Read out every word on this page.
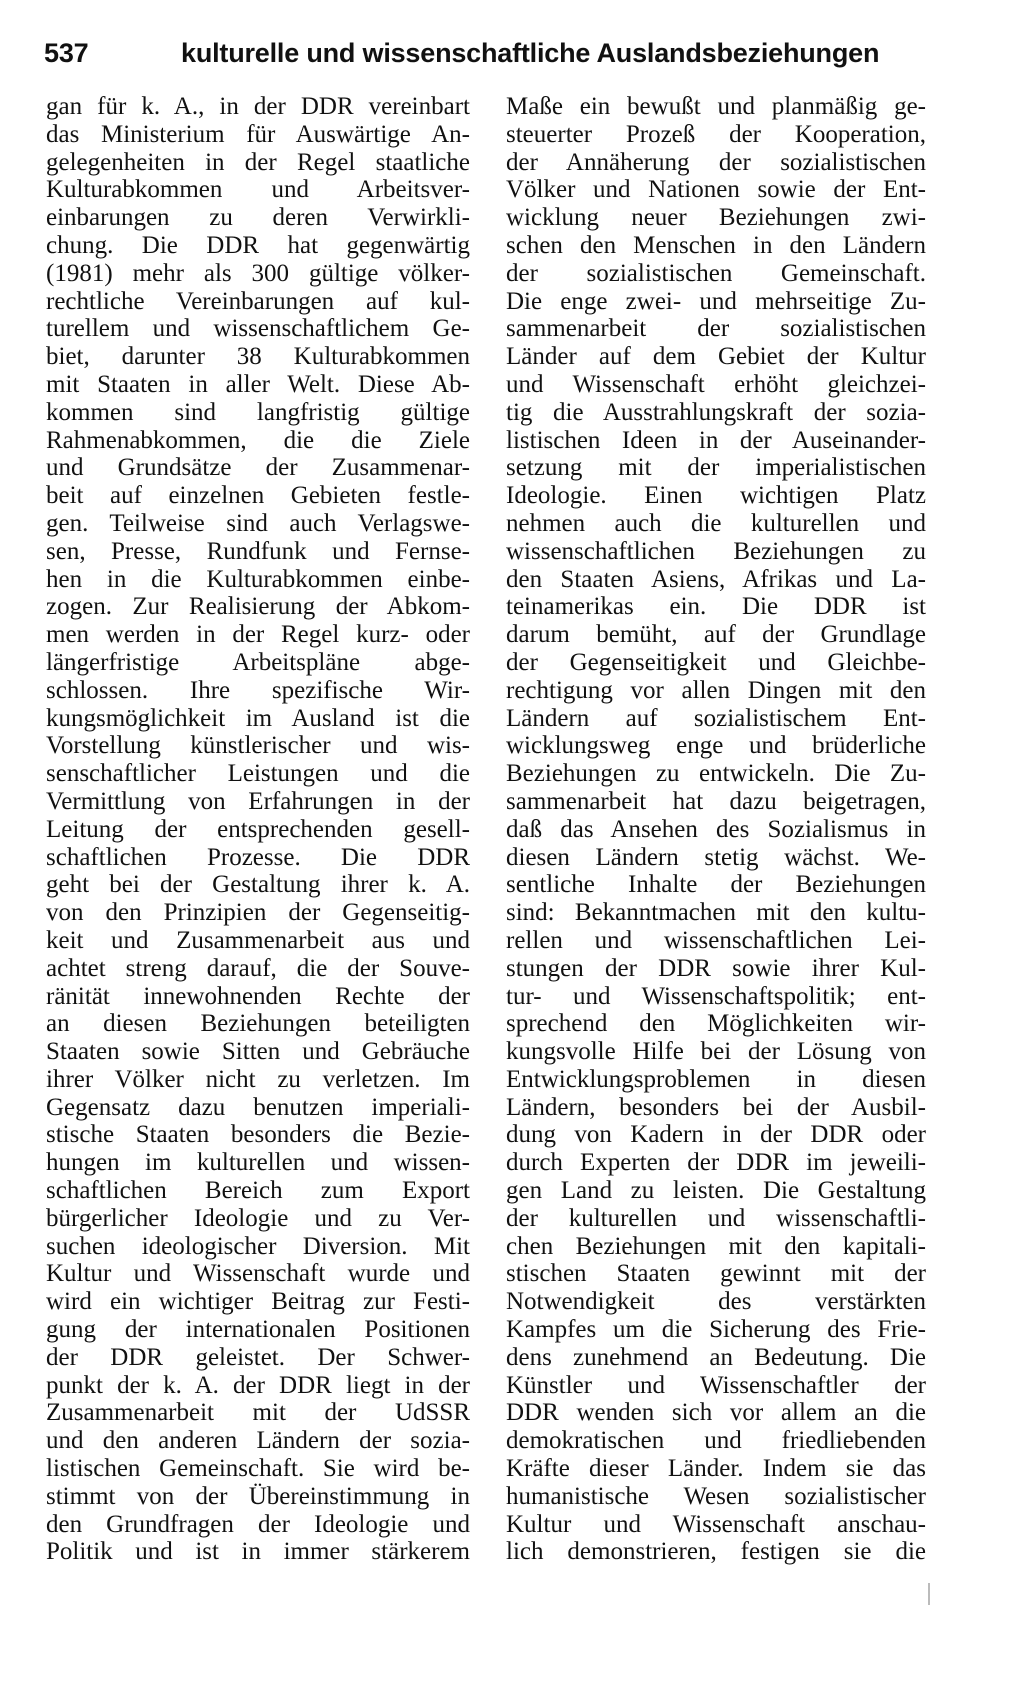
537	kulturelle und wissenschaftliche Auslandsbeziehungen
gan für k. A., in der DDR vereinbart
das Ministerium für Auswärtige An-
gelegenheiten in der Regel staatliche
Kulturabkommen und Arbeitsver-
einbarungen zu deren Verwirkli-
chung. Die DDR hat gegenwärtig
(1981) mehr als 300 gültige völker-
rechtliche Vereinbarungen auf kul-
turellem und wissenschaftlichem Ge-
biet, darunter 38 Kulturabkommen
mit Staaten in aller Welt. Diese Ab-
kommen sind langfristig gültige
Rahmenabkommen, die die Ziele
und Grundsätze der Zusammenar-
beit auf einzelnen Gebieten festle-
gen. Teilweise sind auch Verlagswe-
sen, Presse, Rundfunk und Fernse-
hen in die Kulturabkommen einbe-
zogen. Zur Realisierung der Abkom-
men werden in der Regel kurz- oder
längerfristige Arbeitspläne abge-
schlossen. Ihre spezifische Wir-
kungsmöglichkeit im Ausland ist die
Vorstellung künstlerischer und wis-
senschaftlicher Leistungen und die
Vermittlung von Erfahrungen in der
Leitung der entsprechenden gesell-
schaftlichen Prozesse. Die DDR
geht bei der Gestaltung ihrer k. A.
von den Prinzipien der Gegenseitig-
keit und Zusammenarbeit aus und
achtet streng darauf, die der Souve-
ränität innewohnenden Rechte der
an diesen Beziehungen beteiligten
Staaten sowie Sitten und Gebräuche
ihrer Völker nicht zu verletzen. Im
Gegensatz dazu benutzen imperiali-
stische Staaten besonders die Bezie-
hungen im kulturellen und wissen-
schaftlichen Bereich zum Export
bürgerlicher Ideologie und zu Ver-
suchen ideologischer Diversion. Mit
Kultur und Wissenschaft wurde und
wird ein wichtiger Beitrag zur Festi-
gung der internationalen Positionen
der DDR geleistet. Der Schwer-
punkt der k. A. der DDR liegt in der
Zusammenarbeit mit der UdSSR
und den anderen Ländern der sozia-
listischen Gemeinschaft. Sie wird be-
stimmt von der Übereinstimmung in
den Grundfragen der Ideologie und
Politik und ist in immer stärkerem
Maße ein bewußt und planmäßig ge-
steuerter Prozeß der Kooperation,
der Annäherung der sozialistischen
Völker und Nationen sowie der Ent-
wicklung neuer Beziehungen zwi-
schen den Menschen in den Ländern
der sozialistischen Gemeinschaft.
Die enge zwei- und mehrseitige Zu-
sammenarbeit der sozialistischen
Länder auf dem Gebiet der Kultur
und Wissenschaft erhöht gleichzei-
tig die Ausstrahlungskraft der sozia-
listischen Ideen in der Auseinander-
setzung mit der imperialistischen
Ideologie. Einen wichtigen Platz
nehmen auch die kulturellen und
wissenschaftlichen Beziehungen zu
den Staaten Asiens, Afrikas und La-
teinamerikas ein. Die DDR ist
darum bemüht, auf der Grundlage
der Gegenseitigkeit und Gleichbe-
rechtigung vor allen Dingen mit den
Ländern auf sozialistischem Ent-
wicklungsweg enge und brüderliche
Beziehungen zu entwickeln. Die Zu-
sammenarbeit hat dazu beigetragen,
daß das Ansehen des Sozialismus in
diesen Ländern stetig wächst. We-
sentliche Inhalte der Beziehungen
sind: Bekanntmachen mit den kultu-
rellen und wissenschaftlichen Lei-
stungen der DDR sowie ihrer Kul-
tur- und Wissenschaftspolitik; ent-
sprechend den Möglichkeiten wir-
kungsvolle Hilfe bei der Lösung von
Entwicklungsproblemen in diesen
Ländern, besonders bei der Ausbil-
dung von Kadern in der DDR oder
durch Experten der DDR im jeweili-
gen Land zu leisten. Die Gestaltung
der kulturellen und wissenschaftli-
chen Beziehungen mit den kapitali-
stischen Staaten gewinnt mit der
Notwendigkeit des verstärkten
Kampfes um die Sicherung des Frie-
dens zunehmend an Bedeutung. Die
Künstler und Wissenschaftler der
DDR wenden sich vor allem an die
demokratischen und friedliebenden
Kräfte dieser Länder. Indem sie das
humanistische Wesen sozialistischer
Kultur und Wissenschaft anschau-
lich demonstrieren, festigen sie die
